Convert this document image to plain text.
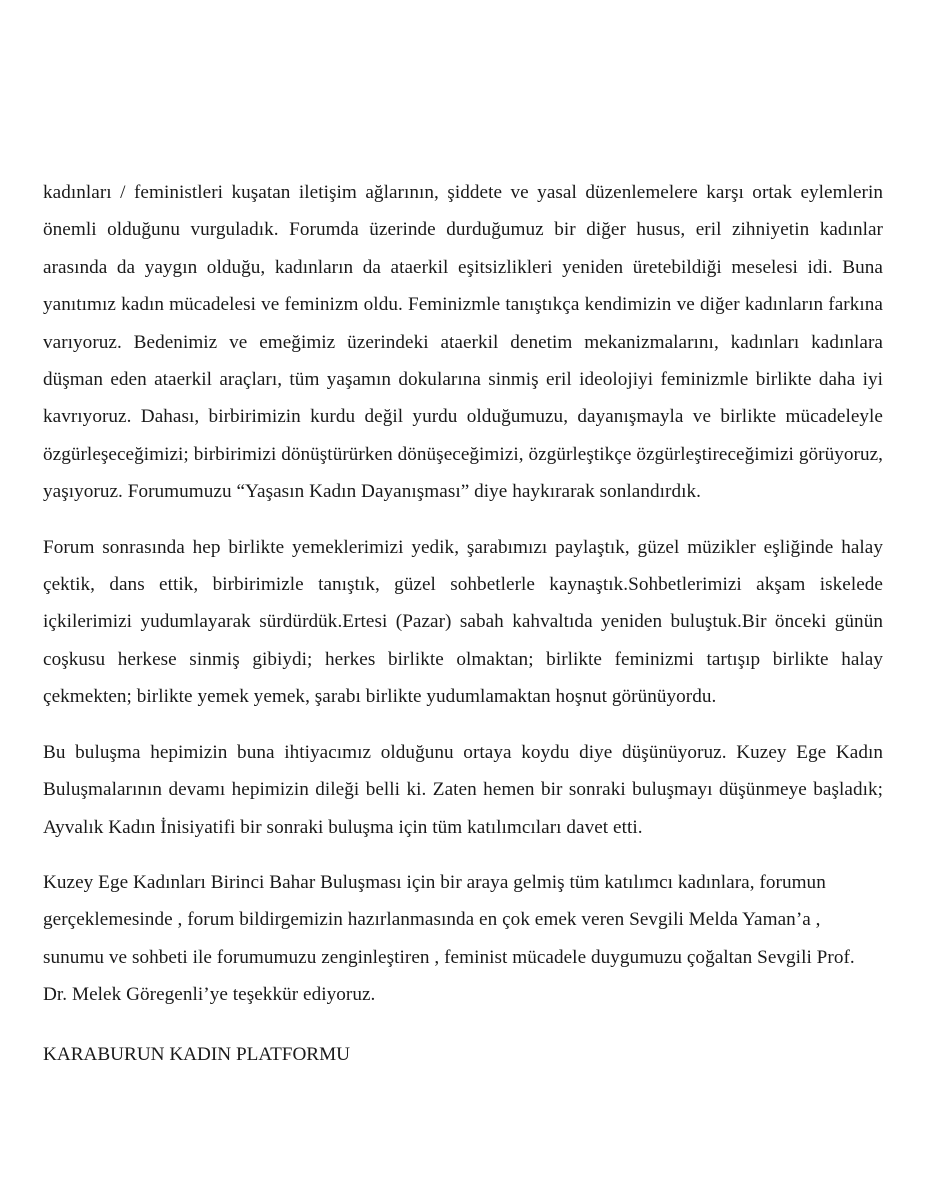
kadınları / feministleri kuşatan iletişim ağlarının, şiddete ve yasal düzenlemelere karşı ortak eylemlerin önemli olduğunu vurguladık. Forumda üzerinde durduğumuz bir diğer husus, eril zihniyetin kadınlar arasında da yaygın olduğu, kadınların da ataerkil eşitsizlikleri yeniden üretebildiği meselesi idi. Buna yanıtımız kadın mücadelesi ve feminizm oldu. Feminizmle tanıştıkça kendimizin ve diğer kadınların farkına varıyoruz. Bedenimiz ve emeğimiz üzerindeki ataerkil denetim mekanizmalarını, kadınları kadınlara düşman eden ataerkil araçları, tüm yaşamın dokularına sinmiş eril ideolojiyi feminizmle birlikte daha iyi kavrıyoruz. Dahası, birbirimizin kurdu değil yurdu olduğumuzu, dayanışmayla ve birlikte mücadeleyle özgürleşeceğimizi; birbirimizi dönüştürürken dönüşeceğimizi, özgürleştikçe özgürleştireceğimizi görüyoruz, yaşıyoruz. Forumumuzu “Yaşasın Kadın Dayanışması” diye haykırarak sonlandırdık.

Forum sonrasında hep birlikte yemeklerimizi yedik, şarabımızı paylaştık, güzel müzikler eşliğinde halay çektik, dans ettik, birbirimizle tanıştık, güzel sohbetlerle kaynaştık.Sohbetlerimizi akşam iskelede içkilerimizi yudumlayarak sürdürdük.Ertesi (Pazar) sabah kahvaltıda yeniden buluştuk.Bir önceki günün coşkusu herkese sinmiş gibiydi; herkes birlikte olmaktan; birlikte feminizmi tartışıp birlikte halay çekmekten; birlikte yemek yemek, şarabı birlikte yudumlamaktan hoşnut görünüyordu.

Bu buluşma hepimizin buna ihtiyacımız olduğunu ortaya koydu diye düşünüyoruz. Kuzey Ege Kadın Buluşmalarının devamı hepimizin dileği belli ki. Zaten hemen bir sonraki buluşmayı düşünmeye başladık; Ayvalık Kadın İnisiyatifi bir sonraki buluşma için tüm katılımcıları davet etti.

Kuzey Ege Kadınları Birinci Bahar Buluşması için bir araya gelmiş tüm katılımcı kadınlara, forumun gerçeklemesinde , forum bildirgemizin hazırlanmasında en çok emek veren Sevgili Melda Yaman’a , sunumu ve sohbeti ile forumumuzu zenginleştiren , feminist mücadele duygumuzu çoğaltan Sevgili Prof. Dr. Melek Göregenli’ye teşekkür ediyoruz.

KARABURUN KADIN PLATFORMU
